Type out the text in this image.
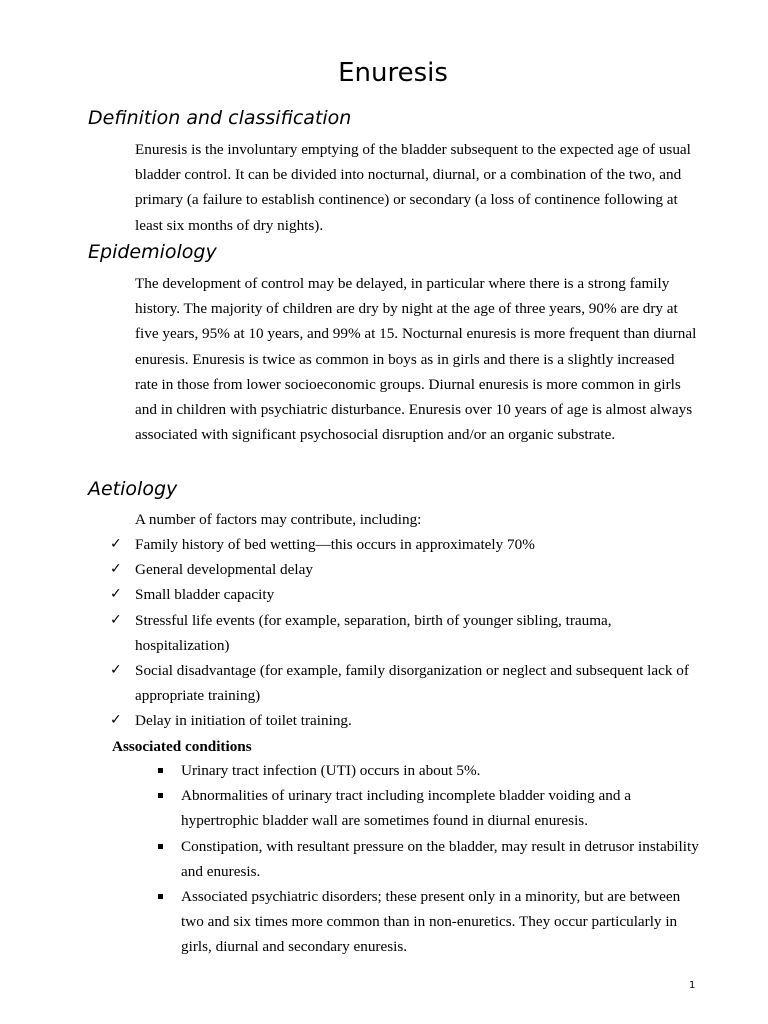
Enuresis
Definition and classification

Enuresis is the involuntary emptying of the bladder subsequent to the expected age of usual bladder control. It can be divided into nocturnal, diurnal, or a combination of the two, and primary (a failure to establish continence) or secondary (a loss of continence following at least six months of dry nights).

Epidemiology

The development of control may be delayed, in particular where there is a strong family history. The majority of children are dry by night at the age of three years, 90% are dry at five years, 95% at 10 years, and 99% at 15. Nocturnal enuresis is more frequent than diurnal enuresis. Enuresis is twice as common in boys as in girls and there is a slightly increased rate in those from lower socioeconomic groups. Diurnal enuresis is more common in girls and in children with psychiatric disturbance. Enuresis over 10 years of age is almost always associated with significant psychosocial disruption and/or an organic substrate.

Aetiology

A number of factors may contribute, including:

✓ Family history of bed wetting—this occurs in approximately 70%
✓ General developmental delay
✓ Small bladder capacity
✓ Stressful life events (for example, separation, birth of younger sibling, trauma, hospitalization)
✓ Social disadvantage (for example, family disorganization or neglect and subsequent lack of appropriate training)
✓ Delay in initiation of toilet training.

Associated conditions

Urinary tract infection (UTI) occurs in about 5%.
Abnormalities of urinary tract including incomplete bladder voiding and a hypertrophic bladder wall are sometimes found in diurnal enuresis.
Constipation, with resultant pressure on the bladder, may result in detrusor instability and enuresis.
Associated psychiatric disorders; these present only in a minority, but are between two and six times more common than in non-enuretics. They occur particularly in girls, diurnal and secondary enuresis.
1
